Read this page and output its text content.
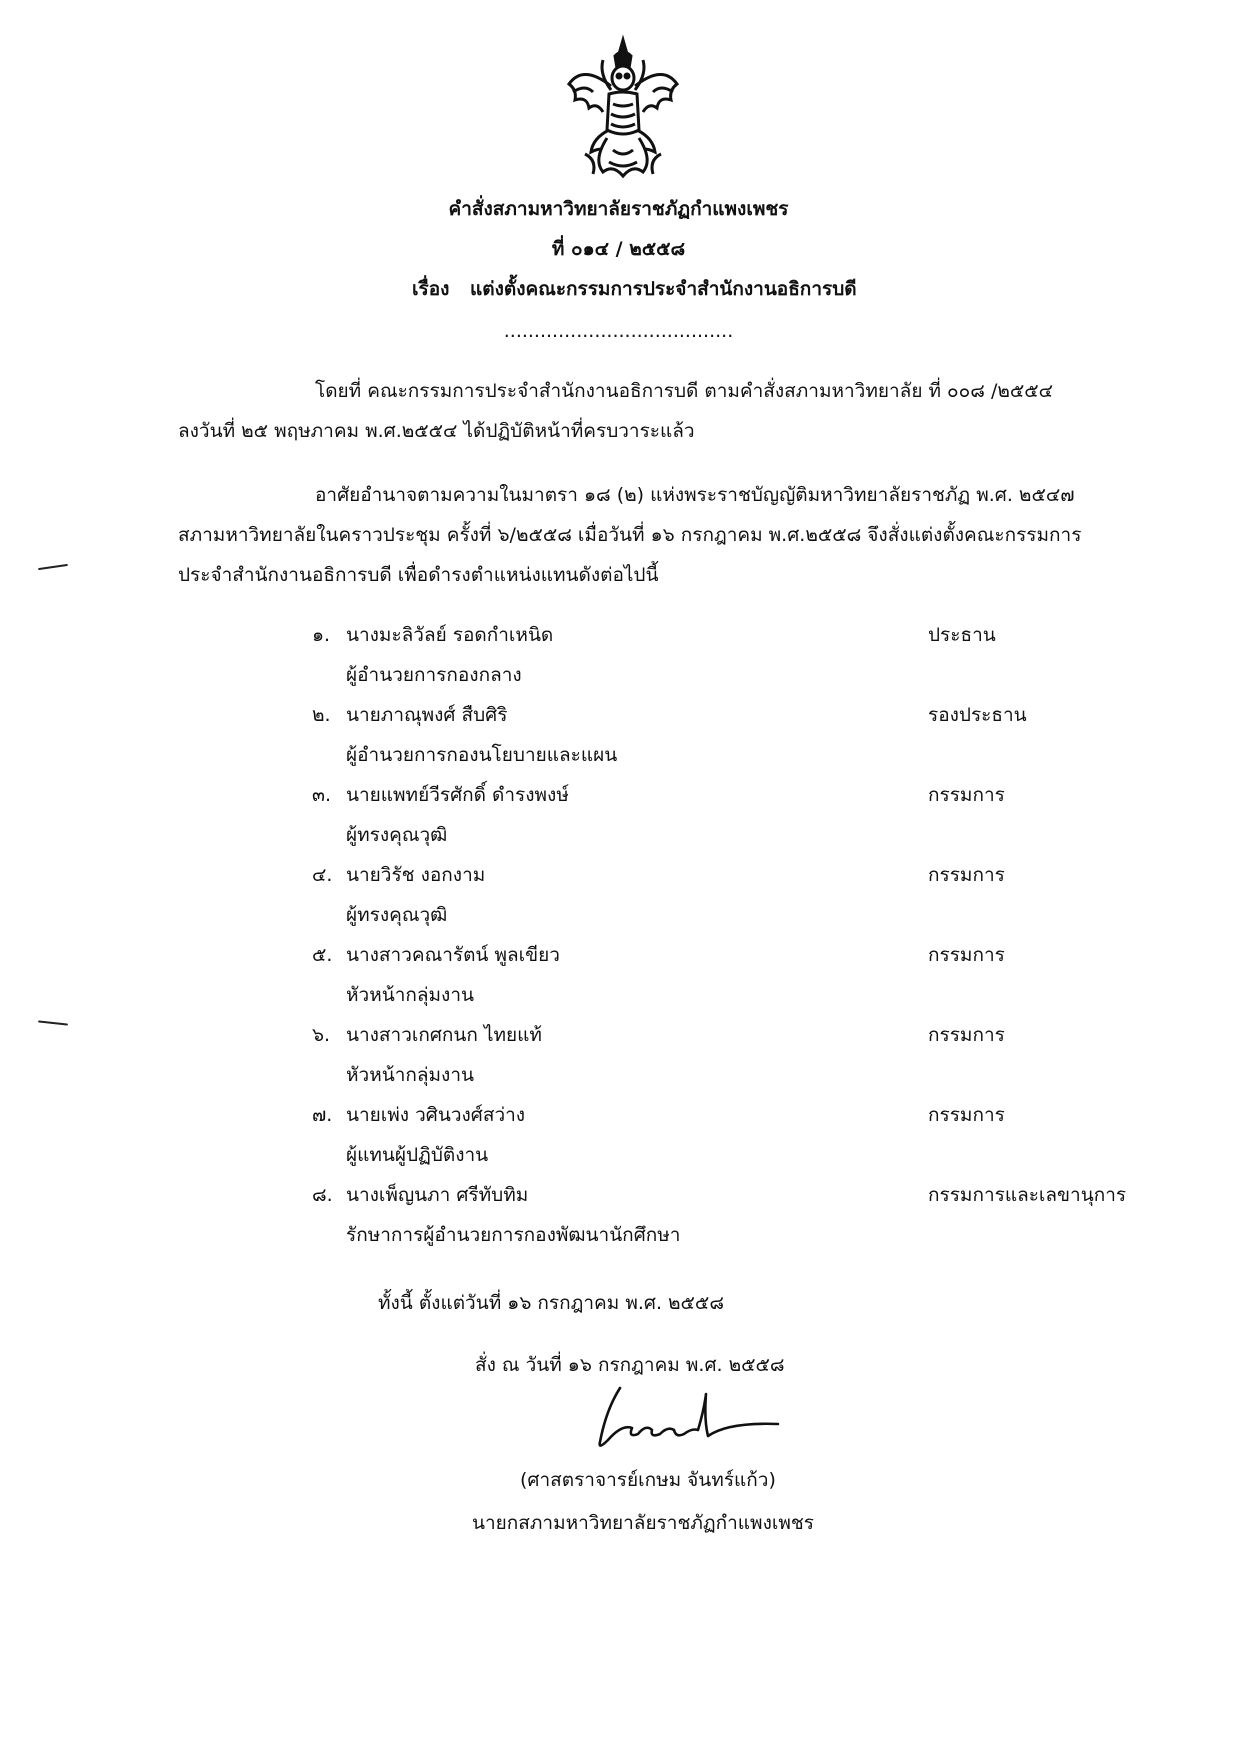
คำสั่งสภามหาวิทยาลัยราชภัฏกำแพงเพชร
ที่ ๐๑๔ / ๒๕๕๘
เรื่อง แต่งตั้งคณะกรรมการประจำสำนักงานอธิการบดี
......................................
โดยที่ คณะกรรมการประจำสำนักงานอธิการบดี ตามคำสั่งสภามหาวิทยาลัย ที่ ๐๐๘ /๒๕๕๔
ลงวันที่ ๒๕ พฤษภาคม พ.ศ.๒๕๕๔ ได้ปฏิบัติหน้าที่ครบวาระแล้ว
อาศัยอำนาจตามความในมาตรา ๑๘ (๒) แห่งพระราชบัญญัติมหาวิทยาลัยราชภัฏ พ.ศ. ๒๕๔๗
สภามหาวิทยาลัยในคราวประชุม ครั้งที่ ๖/๒๕๕๘ เมื่อวันที่ ๑๖ กรกฎาคม พ.ศ.๒๕๕๘ จึงสั่งแต่งตั้งคณะกรรมการ
ประจำสำนักงานอธิการบดี เพื่อดำรงตำแหน่งแทนดังต่อไปนี้
๑. นางมะลิวัลย์ รอดกำเหนิด	ประธาน
ผู้อำนวยการกองกลาง
๒. นายภาณุพงศ์ สืบศิริ	รองประธาน
ผู้อำนวยการกองนโยบายและแผน
๓. นายแพทย์วีรศักดิ์ ดำรงพงษ์	กรรมการ
ผู้ทรงคุณวุฒิ
๔. นายวิรัช งอกงาม	กรรมการ
ผู้ทรงคุณวุฒิ
๕. นางสาวคณารัตน์ พูลเขียว	กรรมการ
หัวหน้ากลุ่มงาน
๖. นางสาวเกศกนก ไทยแท้	กรรมการ
หัวหน้ากลุ่มงาน
๗. นายเพ่ง วศินวงศ์สว่าง	กรรมการ
ผู้แทนผู้ปฏิบัติงาน
๘. นางเพ็ญนภา ศรีทับทิม	กรรมการและเลขานุการ
รักษาการผู้อำนวยการกองพัฒนานักศึกษา
ทั้งนี้ ตั้งแต่วันที่ ๑๖ กรกฎาคม พ.ศ. ๒๕๕๘
สั่ง ณ วันที่ ๑๖ กรกฎาคม พ.ศ. ๒๕๕๘
(ศาสตราจารย์เกษม จันทร์แก้ว)
นายกสภามหาวิทยาลัยราชภัฏกำแพงเพชร
